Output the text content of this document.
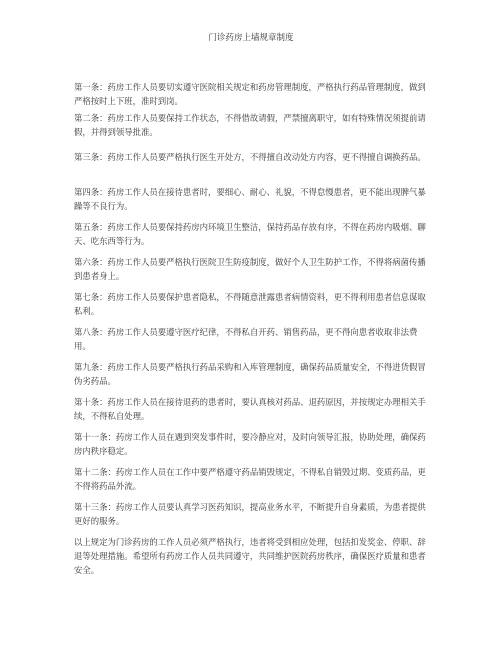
门诊药房上墙规章制度
第一条：药房工作人员要切实遵守医院相关规定和药房管理制度，严格执行药品管理制度，做到严格按时上下班，准时到岗。
第二条：药房工作人员要保持工作状态，不得借故请假，严禁擅离职守，如有特殊情况须提前请假，并得到领导批准。
第三条：药房工作人员要严格执行医生开处方，不得擅自改动处方内容，更不得擅自调换药品。
第四条：药房工作人员在接待患者时，要细心、耐心、礼貌，不得怠慢患者，更不能出现脾气暴躁等不良行为。
第五条：药房工作人员要保持药房内环境卫生整洁，保持药品存放有序，不得在药房内吸烟、聊天、吃东西等行为。
第六条：药房工作人员要严格执行医院卫生防疫制度，做好个人卫生防护工作，不得将病菌传播到患者身上。
第七条：药房工作人员要保护患者隐私，不得随意泄露患者病情资料，更不得利用患者信息谋取私利。
第八条：药房工作人员要遵守医疗纪律，不得私自开药、销售药品，更不得向患者收取非法费用。
第九条：药房工作人员要严格执行药品采购和入库管理制度，确保药品质量安全，不得进货假冒伪劣药品。
第十条：药房工作人员在接待退药的患者时，要认真核对药品、退药原因，并按规定办理相关手续，不得私自处理。
第十一条：药房工作人员在遇到突发事件时，要冷静应对，及时向领导汇报，协助处理，确保药房内秩序稳定。
第十二条：药房工作人员在工作中要严格遵守药品销毁规定，不得私自销毁过期、变质药品，更不得将药品外流。
第十三条：药房工作人员要认真学习医药知识，提高业务水平，不断提升自身素质，为患者提供更好的服务。
以上规定为门诊药房的工作人员必须严格执行，违者将受到相应处理，包括扣发奖金、停职、辞退等处理措施。希望所有药房工作人员共同遵守，共同维护医院药房秩序，确保医疗质量和患者安全。
